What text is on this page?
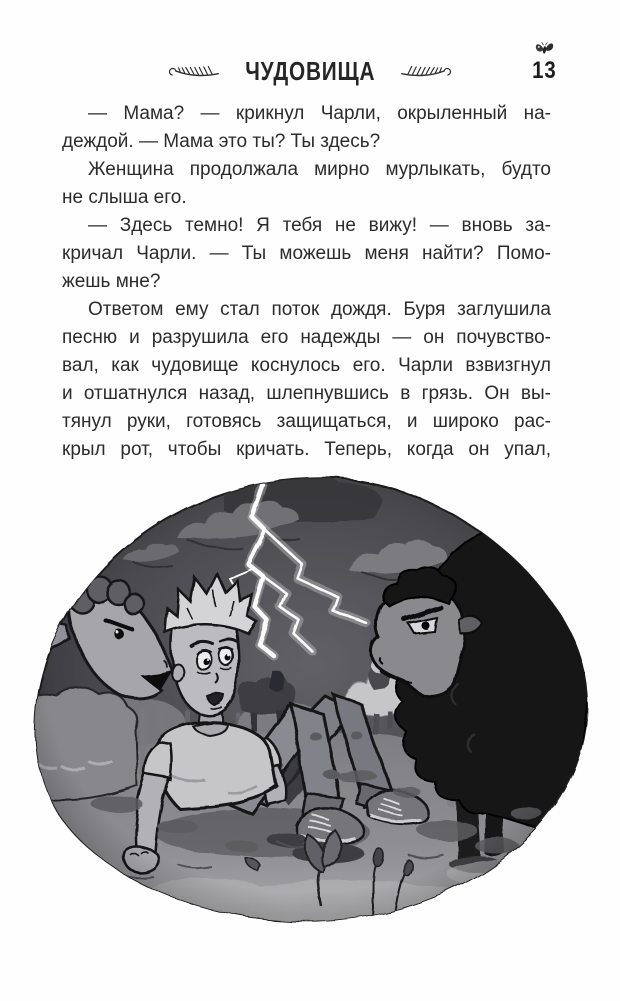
ЧУДОВИЩА	13
— Мама? — крикнул Чарли, окрыленный на-
деждой. — Мама это ты? Ты здесь?
Женщина продолжала мирно мурлыкать, будто
не слыша его.
— Здесь темно! Я тебя не вижу! — вновь за-
кричал Чарли. — Ты можешь меня найти? Помо-
жешь мне?
Ответом ему стал поток дождя. Буря заглушила
песню и разрушила его надежды — он почувство-
вал, как чудовище коснулось его. Чарли взвизгнул
и отшатнулся назад, шлепнувшись в грязь. Он вы-
тянул руки, готовясь защищаться, и широко рас-
крыл рот, чтобы кричать. Теперь, когда он упал,
